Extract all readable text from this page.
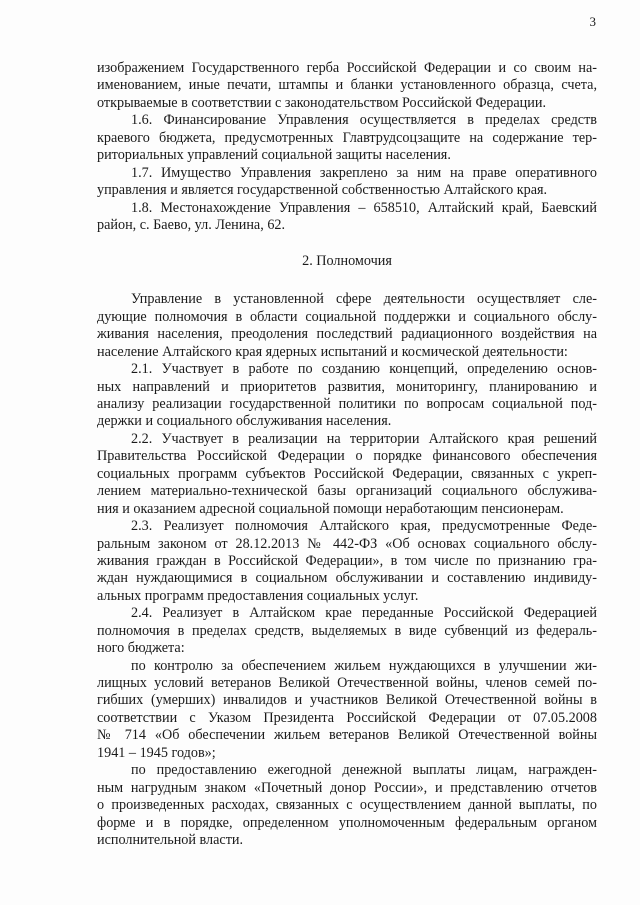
3
изображением Государственного герба Российской Федерации и со своим на-
именованием, иные печати, штампы и бланки установленного образца, счета,
открываемые в соответствии с законодательством Российской Федерации.
1.6. Финансирование Управления осуществляется в пределах средств
краевого бюджета, предусмотренных Главтрудсоцзащите на содержание тер-
риториальных управлений социальной защиты населения.
1.7. Имущество Управления закреплено за ним на праве оперативного
управления и является государственной собственностью Алтайского края.
1.8. Местонахождение Управления – 658510, Алтайский край, Баевский
район, с. Баево, ул. Ленина, 62.
2. Полномочия
Управление в установленной сфере деятельности осуществляет сле-
дующие полномочия в области социальной поддержки и социального обслу-
живания населения, преодоления последствий радиационного воздействия на
население Алтайского края ядерных испытаний и космической деятельности:
2.1. Участвует в работе по созданию концепций, определению основ-
ных направлений и приоритетов развития, мониторингу, планированию и
анализу реализации государственной политики по вопросам социальной под-
держки и социального обслуживания населения.
2.2. Участвует в реализации на территории Алтайского края решений
Правительства Российской Федерации о порядке финансового обеспечения
социальных программ субъектов Российской Федерации, связанных с укреп-
лением материально-технической базы организаций социального обслужива-
ния и оказанием адресной социальной помощи неработающим пенсионерам.
2.3. Реализует полномочия Алтайского края, предусмотренные Феде-
ральным законом от 28.12.2013 № 442-ФЗ «Об основах социального обслу-
живания граждан в Российской Федерации», в том числе по признанию гра-
ждан нуждающимися в социальном обслуживании и составлению индивиду-
альных программ предоставления социальных услуг.
2.4. Реализует в Алтайском крае переданные Российской Федерацией
полномочия в пределах средств, выделяемых в виде субвенций из федераль-
ного бюджета:
по контролю за обеспечением жильем нуждающихся в улучшении жи-
лищных условий ветеранов Великой Отечественной войны, членов семей по-
гибших (умерших) инвалидов и участников Великой Отечественной войны в
соответствии с Указом Президента Российской Федерации от 07.05.2008
№ 714 «Об обеспечении жильем ветеранов Великой Отечественной войны
1941 – 1945 годов»;
по предоставлению ежегодной денежной выплаты лицам, награжден-
ным нагрудным знаком «Почетный донор России», и представлению отчетов
о произведенных расходах, связанных с осуществлением данной выплаты, по
форме и в порядке, определенном уполномоченным федеральным органом
исполнительной власти.
